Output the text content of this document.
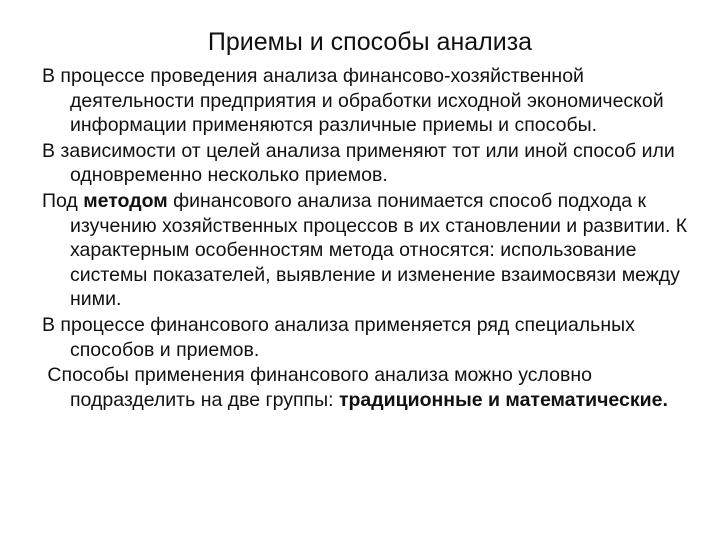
Приемы и способы анализа

В процессе проведения анализа финансово-хозяйственной деятельности предприятия и обработки исходной экономической информации применяются различные приемы и способы.

В зависимости от целей анализа применяют тот или иной способ или одновременно несколько приемов.

Под методом финансового анализа понимается способ подхода к изучению хозяйственных процессов в их становлении и развитии. К характерным особенностям метода относятся: использование системы показателей, выявление и изменение взаимосвязи между ними.

В процессе финансового анализа применяется ряд специальных способов и приемов.

Способы применения финансового анализа можно условно подразделить на две группы: традиционные и математические.
